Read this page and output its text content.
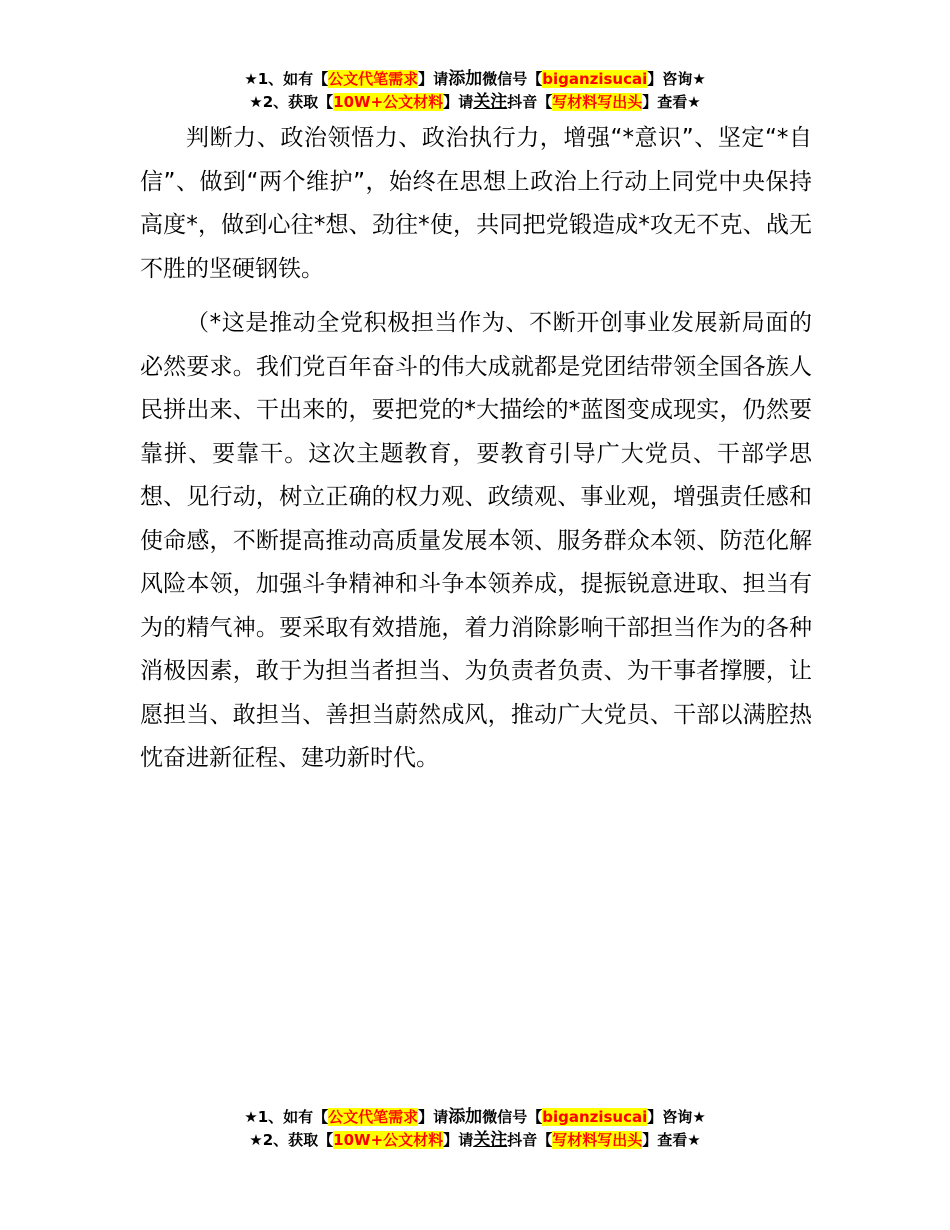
★1、如有【公文代笔需求】请添加微信号【biganzisucai】咨询★
★2、获取【10W+公文材料】请关注抖音【写材料写出头】查看★

判断力、政治领悟力、政治执行力，增强“*意识”、坚定“*自信”、做到“两个维护”，始终在思想上政治上行动上同党中央保持高度*，做到心往*想、劲往*使，共同把党锻造成*攻无不克、战无不胜的坚硬钢铁。

（*这是推动全党积极担当作为、不断开创事业发展新局面的必然要求。我们党百年奋斗的伟大成就都是党团结带领全国各族人民拼出来、干出来的，要把党的*大描绘的*蓝图变成现实，仍然要靠拼、要靠干。这次主题教育，要教育引导广大党员、干部学思想、见行动，树立正确的权力观、政绩观、事业观，增强责任感和使命感，不断提高推动高质量发展本领、服务群众本领、防范化解风险本领，加强斗争精神和斗争本领养成，提振锐意进取、担当有为的精气神。要采取有效措施，着力消除影响干部担当作为的各种消极因素，敢于为担当者担当、为负责者负责、为干事者撑腰，让愿担当、敢担当、善担当蔚然成风，推动广大党员、干部以满腔热忱奋进新征程、建功新时代。

★1、如有【公文代笔需求】请添加微信号【biganzisucai】咨询★
★2、获取【10W+公文材料】请关注抖音【写材料写出头】查看★
